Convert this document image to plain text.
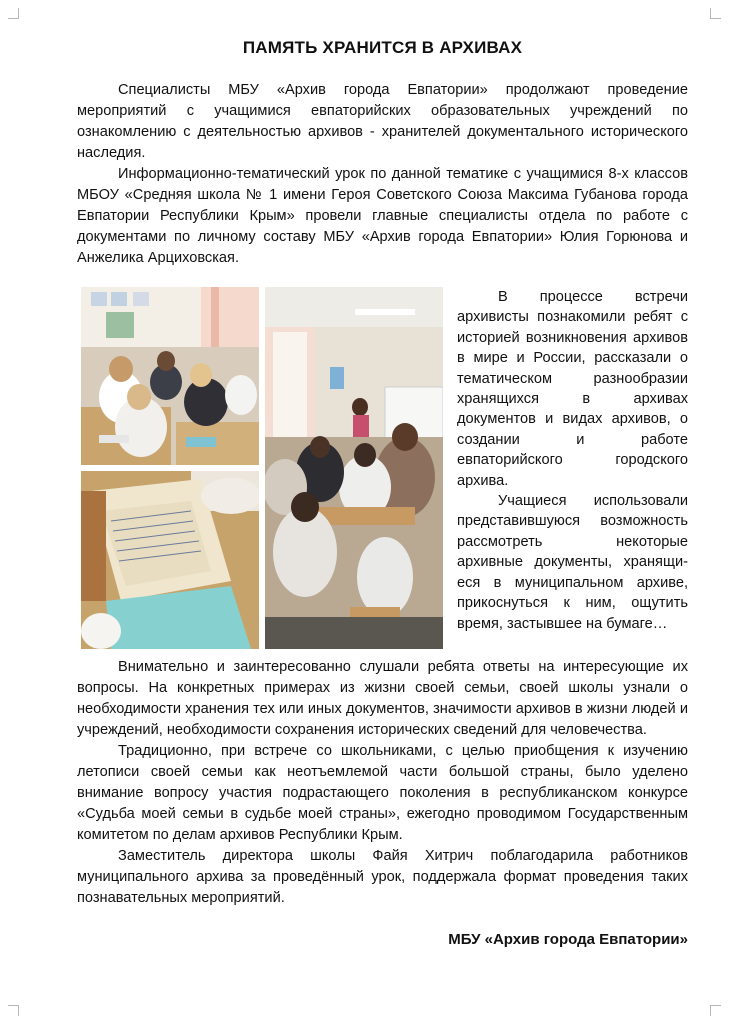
ПАМЯТЬ ХРАНИТСЯ В АРХИВАХ

Специалисты МБУ «Архив города Евпатории» продолжают проведение мероприятий с учащимися евпаторийских образовательных учреждений по ознакомлению с деятельностью архивов - хранителей документального исторического наследия.

Информационно-тематический урок по данной тематике с учащимися 8-х классов МБОУ «Средняя школа № 1 имени Героя Советского Союза Максима Губанова города Евпатории Республики Крым» провели главные специалисты отдела по работе с документами по личному составу МБУ «Архив города Евпатории» Юлия Горюнова и Анжелика Арциховская.

В процессе встречи архивисты познакомили ребят с историей возникновения архивов в мире и России, рассказали о тематическом разнообразии хранящихся в архивах документов и видах архивов, о создании и работе евпаторийского городского архива.

Учащиеся использовали представившуюся возможность рассмотреть некоторые архивные документы, хранящиеся в муниципальном архиве, прикоснуться к ним, ощутить время, застывшее на бумаге…

Внимательно и заинтересованно слушали ребята ответы на интересующие их вопросы. На конкретных примерах из жизни своей семьи, своей школы узнали о необходимости хранения тех или иных документов, значимости архивов в жизни людей и учреждений, необходимости сохранения исторических сведений для человечества.

Традиционно, при встрече со школьниками, с целью приобщения к изучению летописи своей семьи как неотъемлемой части большой страны, было уделено внимание вопросу участия подрастающего поколения в республиканском конкурсе «Судьба моей семьи в судьбе моей страны», ежегодно проводимом Государственным комитетом по делам архивов Республики Крым.

Заместитель директора школы Файя Хитрич поблагодарила работников муниципального архива за проведённый урок, поддержала формат проведения таких познавательных мероприятий.

МБУ «Архив города Евпатории»
